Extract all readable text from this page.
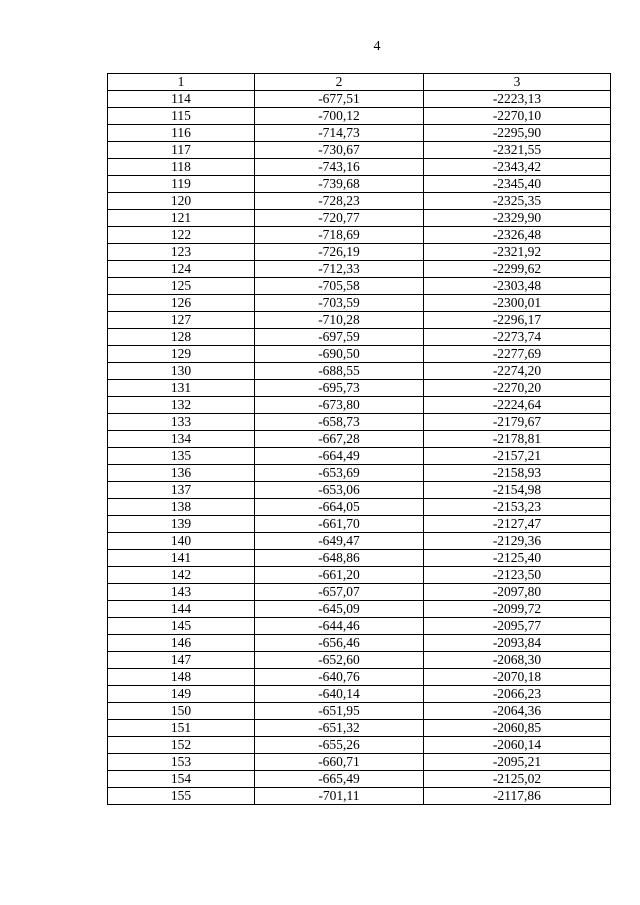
4
1	2	3
114	-677,51	-2223,13
115	-700,12	-2270,10
116	-714,73	-2295,90
117	-730,67	-2321,55
118	-743,16	-2343,42
119	-739,68	-2345,40
120	-728,23	-2325,35
121	-720,77	-2329,90
122	-718,69	-2326,48
123	-726,19	-2321,92
124	-712,33	-2299,62
125	-705,58	-2303,48
126	-703,59	-2300,01
127	-710,28	-2296,17
128	-697,59	-2273,74
129	-690,50	-2277,69
130	-688,55	-2274,20
131	-695,73	-2270,20
132	-673,80	-2224,64
133	-658,73	-2179,67
134	-667,28	-2178,81
135	-664,49	-2157,21
136	-653,69	-2158,93
137	-653,06	-2154,98
138	-664,05	-2153,23
139	-661,70	-2127,47
140	-649,47	-2129,36
141	-648,86	-2125,40
142	-661,20	-2123,50
143	-657,07	-2097,80
144	-645,09	-2099,72
145	-644,46	-2095,77
146	-656,46	-2093,84
147	-652,60	-2068,30
148	-640,76	-2070,18
149	-640,14	-2066,23
150	-651,95	-2064,36
151	-651,32	-2060,85
152	-655,26	-2060,14
153	-660,71	-2095,21
154	-665,49	-2125,02
155	-701,11	-2117,86
